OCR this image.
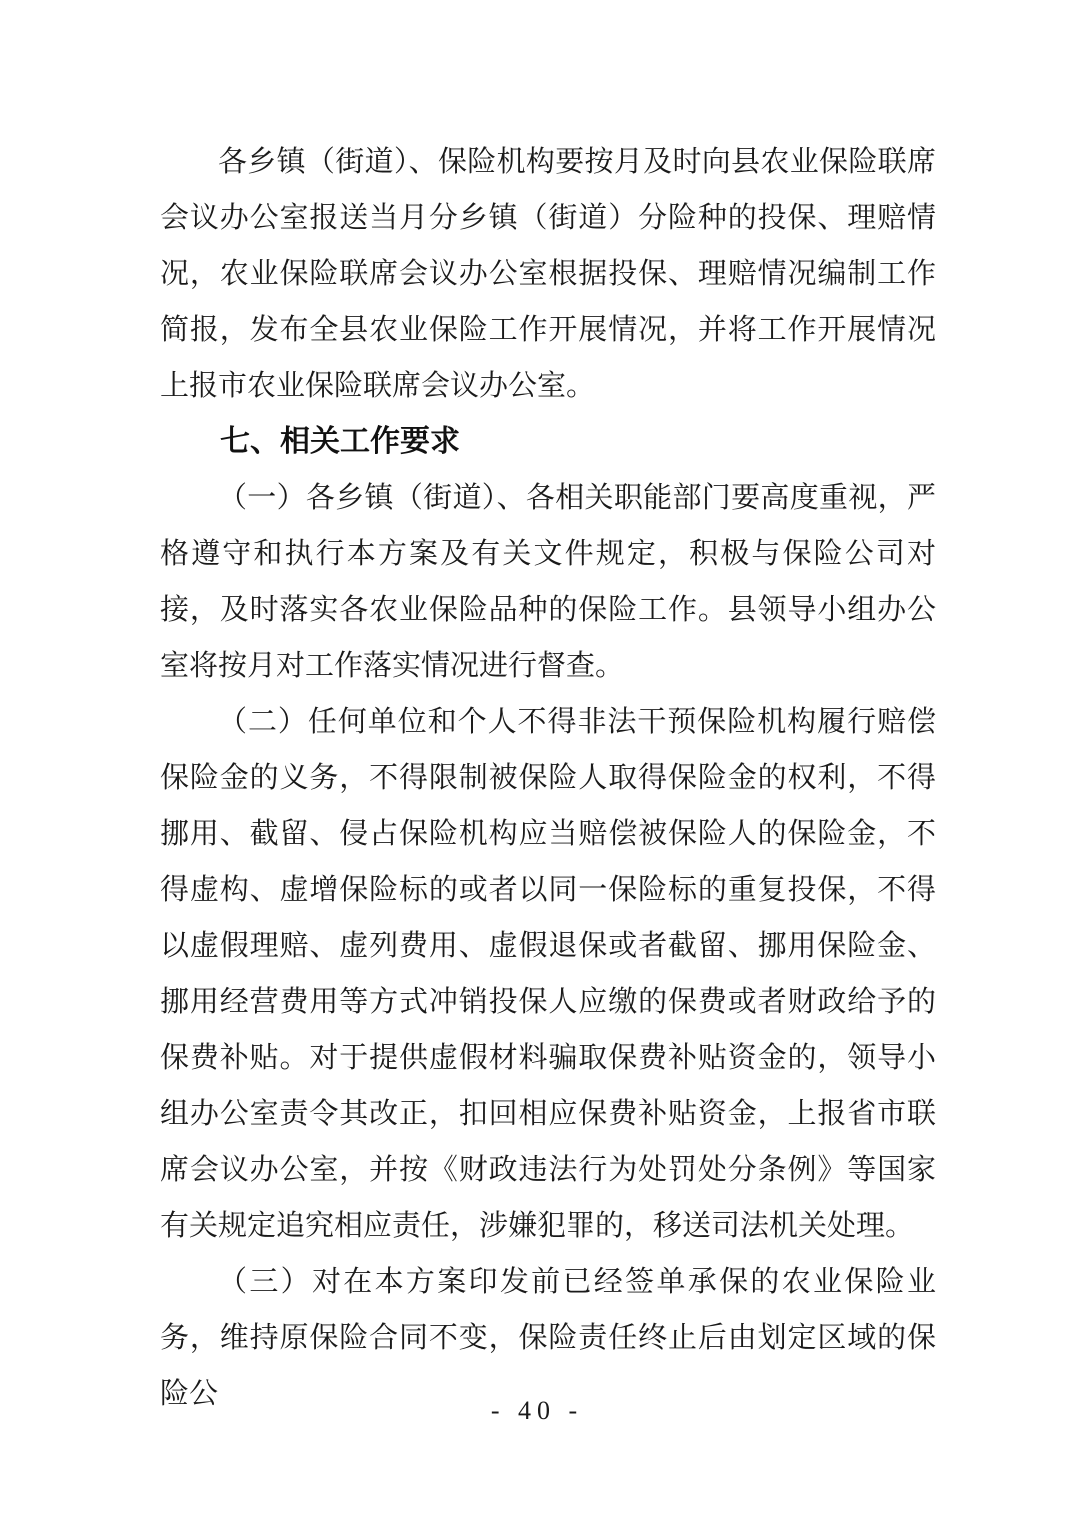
各乡镇（街道）、保险机构要按月及时向县农业保险联席会议办公室报送当月分乡镇（街道）分险种的投保、理赔情况，农业保险联席会议办公室根据投保、理赔情况编制工作简报，发布全县农业保险工作开展情况，并将工作开展情况上报市农业保险联席会议办公室。

七、相关工作要求

（一）各乡镇（街道）、各相关职能部门要高度重视，严格遵守和执行本方案及有关文件规定，积极与保险公司对接，及时落实各农业保险品种的保险工作。县领导小组办公室将按月对工作落实情况进行督查。

（二）任何单位和个人不得非法干预保险机构履行赔偿保险金的义务，不得限制被保险人取得保险金的权利，不得挪用、截留、侵占保险机构应当赔偿被保险人的保险金，不得虚构、虚增保险标的或者以同一保险标的重复投保，不得以虚假理赔、虚列费用、虚假退保或者截留、挪用保险金、挪用经营费用等方式冲销投保人应缴的保费或者财政给予的保费补贴。对于提供虚假材料骗取保费补贴资金的，领导小组办公室责令其改正，扣回相应保费补贴资金，上报省市联席会议办公室，并按《财政违法行为处罚处分条例》等国家有关规定追究相应责任，涉嫌犯罪的，移送司法机关处理。

（三）对在本方案印发前已经签单承保的农业保险业务，维持原保险合同不变，保险责任终止后由划定区域的保险公

- 40 -
